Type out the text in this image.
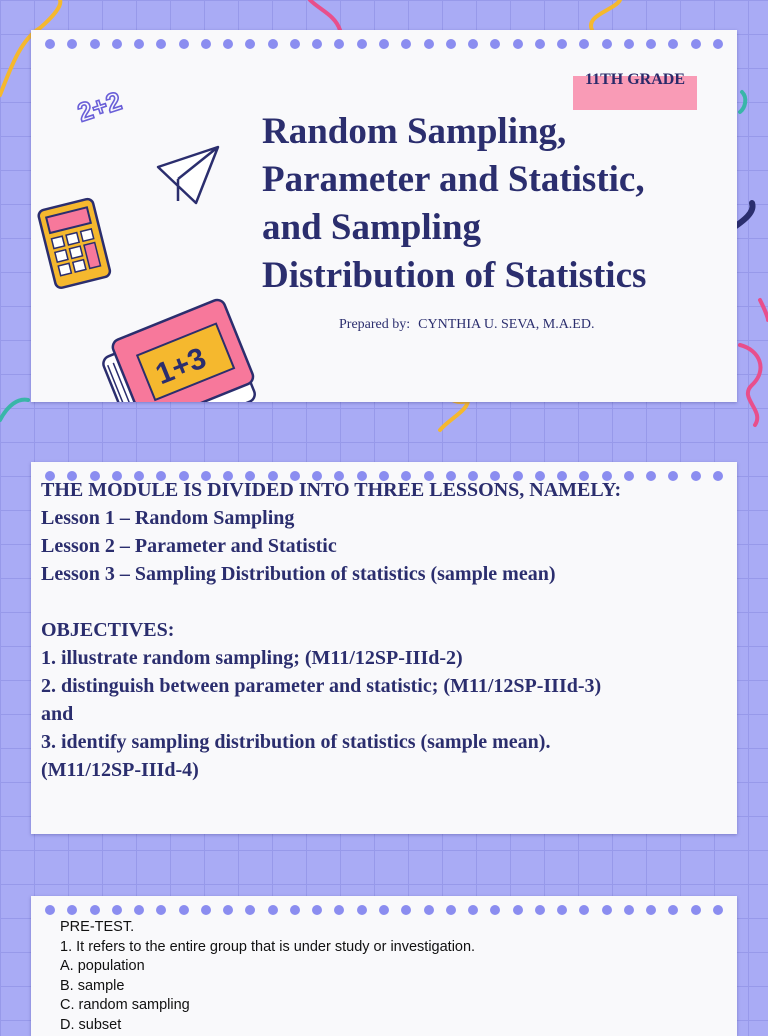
2+2
1+3
11TH GRADE
Random Sampling,
Parameter and Statistic,
and Sampling
Distribution of Statistics
Prepared by: CYNTHIA U. SEVA, M.A.ED.
THE MODULE IS DIVIDED INTO THREE LESSONS, NAMELY:
Lesson 1 – Random Sampling
Lesson 2 – Parameter and Statistic
Lesson 3 – Sampling Distribution of statistics (sample mean)
OBJECTIVES:
1. illustrate random sampling; (M11/12SP-IIId-2)
2. distinguish between parameter and statistic; (M11/12SP-IIId-3)
and
3. identify sampling distribution of statistics (sample mean).
(M11/12SP-IIId-4)
PRE-TEST.
1. It refers to the entire group that is under study or investigation.
A. population
B. sample
C. random sampling
D. subset
